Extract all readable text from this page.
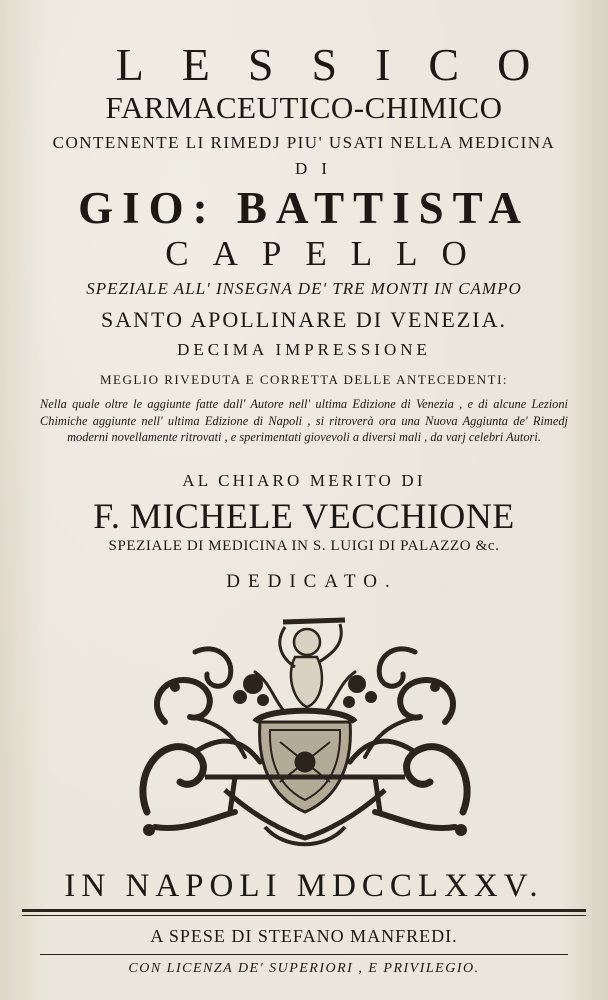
LESSICO
FARMACEUTICO-CHIMICO
CONTENENTE LI RIMEDJ PIU' USATI NELLA MEDICINA
DI
GIO: BATTISTA
CAPELLO
SPEZIALE ALL' INSEGNA DE' TRE MONTI IN CAMPO
SANTO APOLLINARE DI VENEZIA.
DECIMA IMPRESSIONE
MEGLIO RIVEDUTA E CORRETTA DELLE ANTECEDENTI:
Nella quale oltre le aggiunte fatte dall' Autore nell' ultima Edizione di Venezia , e di alcune Lezioni Chimiche aggiunte nell' ultima Edizione di Napoli , si ritroverà ora una Nuova Aggiunta de' Rimedj moderni novellamente ritrovati , e sperimentati giovevoli a diversi mali , da varj celebri Autori.
AL CHIARO MERITO DI
F. MICHELE VECCHIONE
SPEZIALE DI MEDICINA IN S. LUIGI DI PALAZZO &c.
DEDICATO.
IN NAPOLI MDCCLXXV.
A SPESE DI STEFANO MANFREDI.
CON LICENZA DE' SUPERIORI , E PRIVILEGIO.
